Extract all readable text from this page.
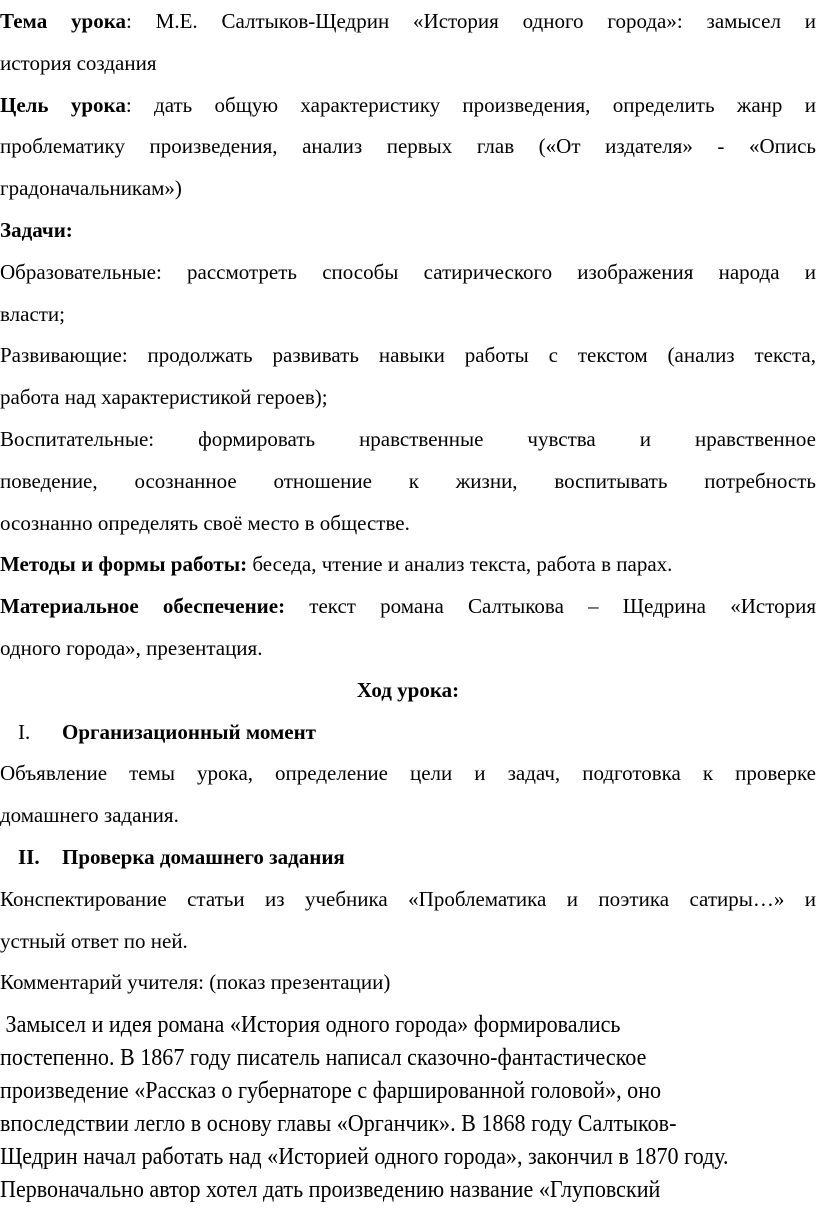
Тема урока: М.Е. Салтыков-Щедрин «История одного города»: замысел и
история создания
Цель урока: дать общую характеристику произведения, определить жанр и
проблематику произведения, анализ первых глав («От издателя» - «Опись
градоначальникам»)
Задачи:
Образовательные: рассмотреть способы сатирического изображения народа и
власти;
Развивающие: продолжать развивать навыки работы с текстом (анализ текста,
работа над характеристикой героев);
Воспитательные: формировать нравственные чувства и нравственное
поведение, осознанное отношение к жизни, воспитывать потребность
осознанно определять своё место в обществе.
Методы и формы работы: беседа, чтение и анализ текста, работа в парах.
Материальное обеспечение: текст романа Салтыкова – Щедрина «История
одного города», презентация.
Ход урока:
I. Организационный момент
Объявление темы урока, определение цели и задач, подготовка к проверке
домашнего задания.
II. Проверка домашнего задания
Конспектирование статьи из учебника «Проблематика и поэтика сатиры…» и
устный ответ по ней.
Комментарий учителя: (показ презентации)
Замысел и идея романа «История одного города» формировались
постепенно. В 1867 году писатель написал сказочно-фантастическое
произведение «Рассказ о губернаторе с фаршированной головой», оно
впоследствии легло в основу главы «Органчик». В 1868 году Салтыков-
Щедрин начал работать над «Историей одного города», закончил в 1870 году.
Первоначально автор хотел дать произведению название «Глуповский
